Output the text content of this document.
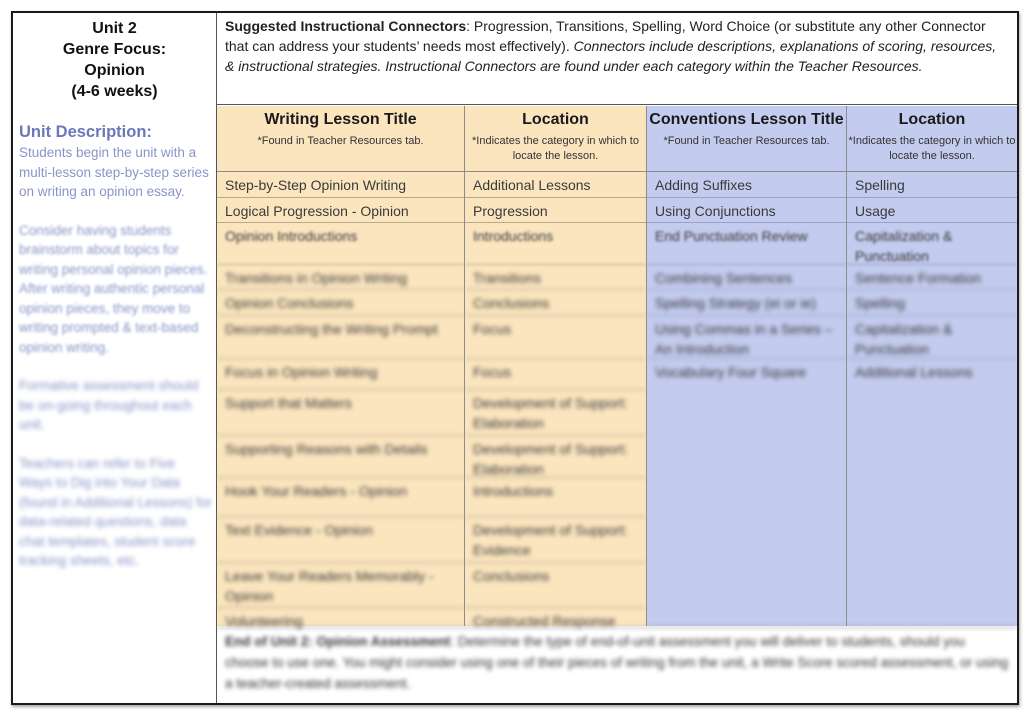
Unit 2
Genre Focus:
Opinion
(4-6 weeks)
Unit Description:

Students begin the unit with a multi-lesson step-by-step series on writing an opinion essay.

Consider having students brainstorm about topics for writing personal opinion pieces. After writing authentic personal opinion pieces, they move to writing prompted & text-based opinion writing.

Formative assessment should be on-going throughout each unit.

Teachers can refer to Five Ways to Dig into Your Data (found in Additional Lessons) for data-related questions, data chat templates, student score tracking sheets, etc.

Suggested Instructional Connectors: Progression, Transitions, Spelling, Word Choice (or substitute any other Connector that can address your students’ needs most effectively). Connectors include descriptions, explanations of scoring, resources, & instructional strategies. Instructional Connectors are found under each category within the Teacher Resources.
Writing Lesson Title
*Found in Teacher Resources tab.
Step-by-Step Opinion Writing
Logical Progression - Opinion
Opinion Introductions
Transitions in Opinion Writing
Opinion Conclusions
Deconstructing the Writing Prompt
Focus in Opinion Writing
Support that Matters
Supporting Reasons with Details
Hook Your Readers - Opinion
Text Evidence - Opinion
Leave Your Readers Memorably - Opinion
Volunteering
Location
*Indicates the category in which to locate the lesson.
Additional Lessons
Progression
Introductions
Transitions
Conclusions
Focus
Focus
Development of Support: Elaboration
Development of Support: Elaboration
Introductions
Development of Support: Evidence
Conclusions
Constructed Response
Conventions Lesson Title
*Found in Teacher Resources tab.
Adding Suffixes
Using Conjunctions
End Punctuation Review
Combining Sentences
Spelling Strategy (ei or ie)
Using Commas in a Series – An Introduction
Vocabulary Four Square
Location
*Indicates the category in which to locate the lesson.
Spelling
Usage
Capitalization & Punctuation
Sentence Formation
Spelling
Capitalization & Punctuation
Additional Lessons
End of Unit 2: Opinion Assessment: Determine the type of end-of-unit assessment you will deliver to students, should you choose to use one. You might consider using one of their pieces of writing from the unit, a Write Score scored assessment, or using a teacher-created assessment.
